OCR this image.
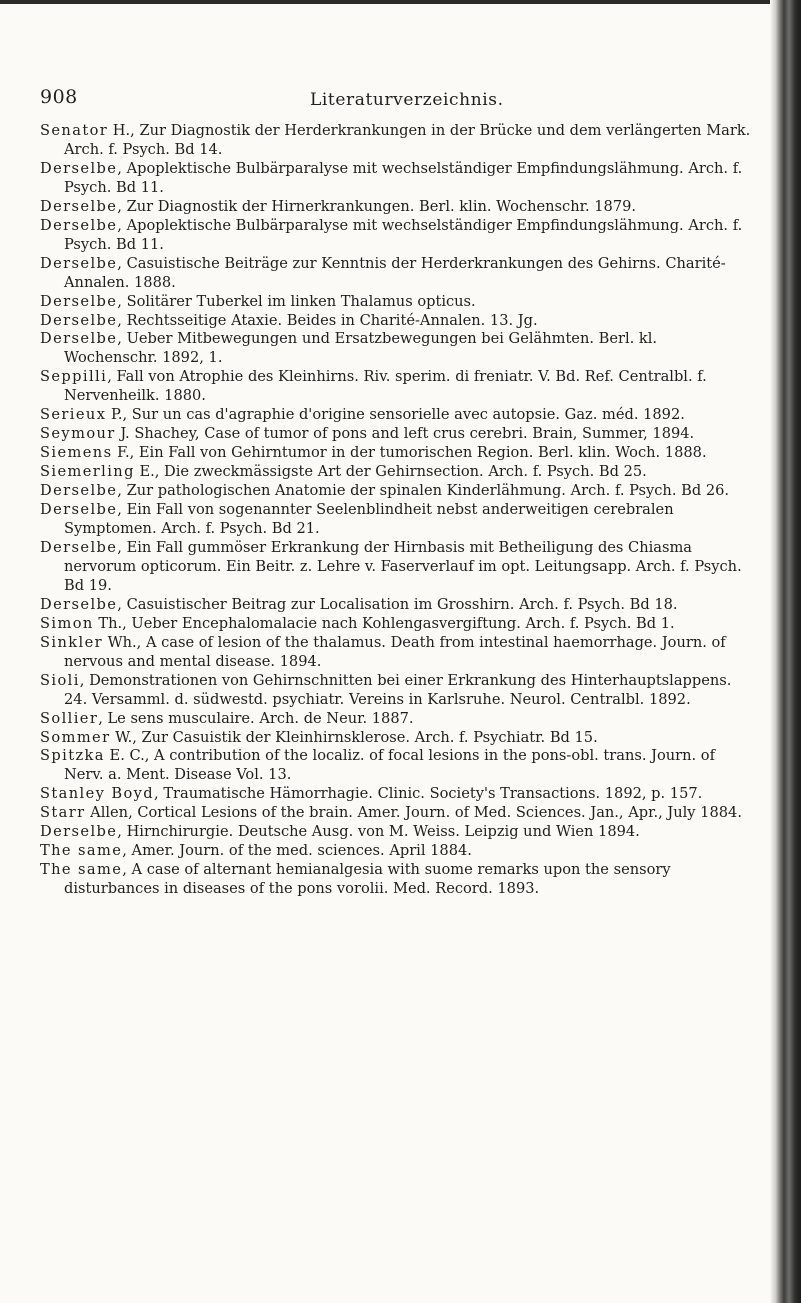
908	Literaturverzeichnis.

Senator H., Zur Diagnostik der Herderkrankungen in der Brücke und dem verlängerten Mark. Arch. f. Psych. Bd 14.

Derselbe, Apoplektische Bulbärparalyse mit wechselständiger Empfindungslähmung. Arch. f. Psych. Bd 11.

Derselbe, Zur Diagnostik der Hirnerkrankungen. Berl. klin. Wochenschr. 1879.

Derselbe, Apoplektische Bulbärparalyse mit wechselständiger Empfindungslähmung. Arch. f. Psych. Bd 11.

Derselbe, Casuistische Beiträge zur Kenntnis der Herderkrankungen des Gehirns. Charité-Annalen. 1888.

Derselbe, Solitärer Tuberkel im linken Thalamus opticus.

Derselbe, Rechtsseitige Ataxie. Beides in Charité-Annalen. 13. Jg.

Derselbe, Ueber Mitbewegungen und Ersatzbewegungen bei Gelähmten. Berl. kl. Wochenschr. 1892, 1.

Seppilli, Fall von Atrophie des Kleinhirns. Riv. sperim. di freniatr. V. Bd. Ref. Centralbl. f. Nervenheilk. 1880.

Serieux P., Sur un cas d'agraphie d'origine sensorielle avec autopsie. Gaz. méd. 1892.

Seymour J. Shachey, Case of tumor of pons and left crus cerebri. Brain, Summer, 1894.

Siemens F., Ein Fall von Gehirntumor in der tumorischen Region. Berl. klin. Woch. 1888.

Siemerling E., Die zweckmässigste Art der Gehirnsection. Arch. f. Psych. Bd 25.

Derselbe, Zur pathologischen Anatomie der spinalen Kinderlähmung. Arch. f. Psych. Bd 26.

Derselbe, Ein Fall von sogenannter Seelenblindheit nebst anderweitigen cerebralen Symptomen. Arch. f. Psych. Bd 21.

Derselbe, Ein Fall gummöser Erkrankung der Hirnbasis mit Betheiligung des Chiasma nervorum opticorum. Ein Beitr. z. Lehre v. Faserverlauf im opt. Leitungsapp. Arch. f. Psych. Bd 19.

Derselbe, Casuistischer Beitrag zur Localisation im Grosshirn. Arch. f. Psych. Bd 18.

Simon Th., Ueber Encephalomalacie nach Kohlengasvergiftung. Arch. f. Psych. Bd 1.

Sinkler Wh., A case of lesion of the thalamus. Death from intestinal haemorrhage. Journ. of nervous and mental disease. 1894.

Sioli, Demonstrationen von Gehirnschnitten bei einer Erkrankung des Hinterhauptslappens. 24. Versamml. d. südwestd. psychiatr. Vereins in Karlsruhe. Neurol. Centralbl. 1892.

Sollier, Le sens musculaire. Arch. de Neur. 1887.

Sommer W., Zur Casuistik der Kleinhirnsklerose. Arch. f. Psychiatr. Bd 15.

Spitzka E. C., A contribution of the localiz. of focal lesions in the pons-obl. trans. Journ. of Nerv. a. Ment. Disease Vol. 13.

Stanley Boyd, Traumatische Hämorrhagie. Clinic. Society's Transactions. 1892, p. 157.

Starr Allen, Cortical Lesions of the brain. Amer. Journ. of Med. Sciences. Jan., Apr., July 1884.

Derselbe, Hirnchirurgie. Deutsche Ausg. von M. Weiss. Leipzig und Wien 1894.

The same, Amer. Journ. of the med. sciences. April 1884.

The same, A case of alternant hemianalgesia with suome remarks upon the sensory disturbances in diseases of the pons vorolii. Med. Record. 1893.
